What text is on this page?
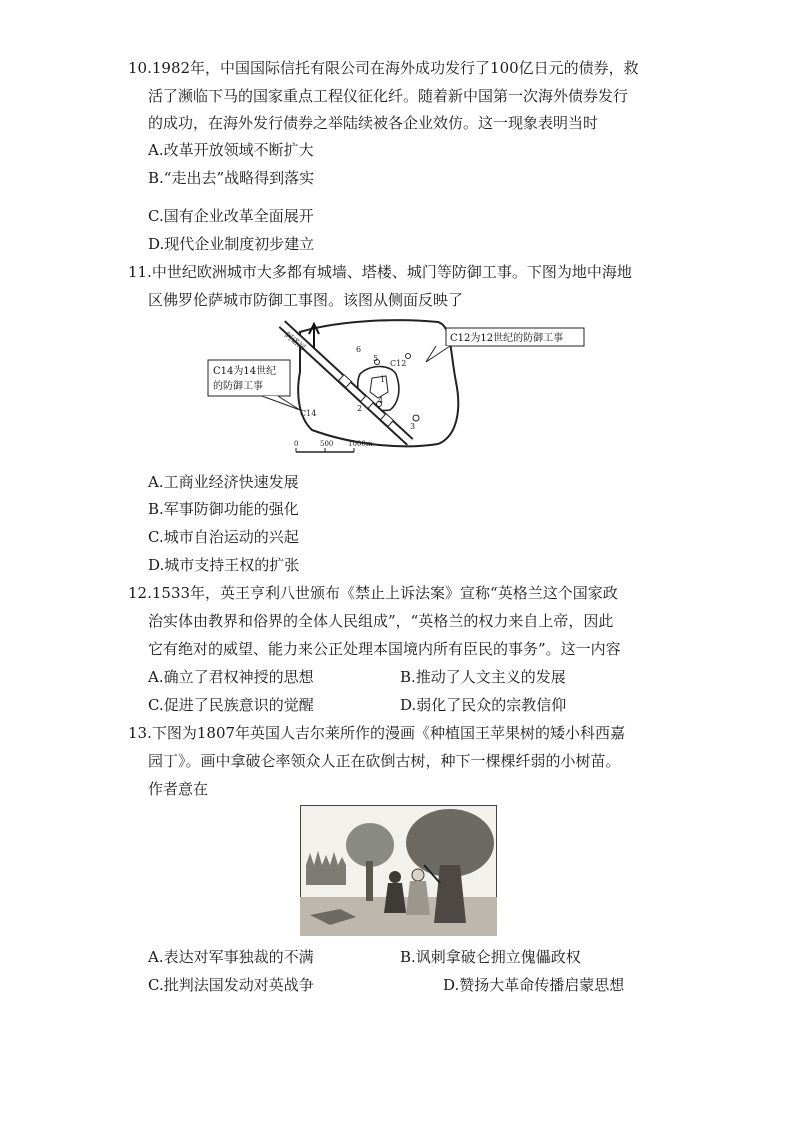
10.1982年，中国国际信托有限公司在海外成功发行了100亿日元的债券，救
活了濒临下马的国家重点工程仪征化纤。随着新中国第一次海外债券发行
的成功，在海外发行债券之举陆续被各企业效仿。这一现象表明当时
A.改革开放领域不断扩大
B.“走出去”战略得到落实
C.国有企业改革全面展开
D.现代企业制度初步建立
11.中世纪欧洲城市大多都有城墙、塔楼、城门等防御工事。下图为地中海地
区佛罗伦萨城市防御工事图。该图从侧面反映了
6
5
1
2
4
3
C12
C14
阿诺河	C12为12世纪的防御工事
C14为14世纪
的防御工事
0	500 1000m
A.工商业经济快速发展
B.军事防御功能的强化
C.城市自治运动的兴起
D.城市支持王权的扩张
12.1533年，英王亨利八世颁布《禁止上诉法案》宣称“英格兰这个国家政
治实体由教界和俗界的全体人民组成”，“英格兰的权力来自上帝，因此
它有绝对的威望、能力来公正处理本国境内所有臣民的事务”。这一内容
A.确立了君权神授的思想	B.推动了人文主义的发展
C.促进了民族意识的觉醒	D.弱化了民众的宗教信仰
13.下图为1807年英国人吉尔莱所作的漫画《种植国王苹果树的矮小科西嘉
园丁》。画中拿破仑率领众人正在砍倒古树，种下一棵棵纤弱的小树苗。
作者意在
A.表达对军事独裁的不满	B.讽刺拿破仑拥立傀儡政权
C.批判法国发动对英战争	D.赞扬大革命传播启蒙思想
